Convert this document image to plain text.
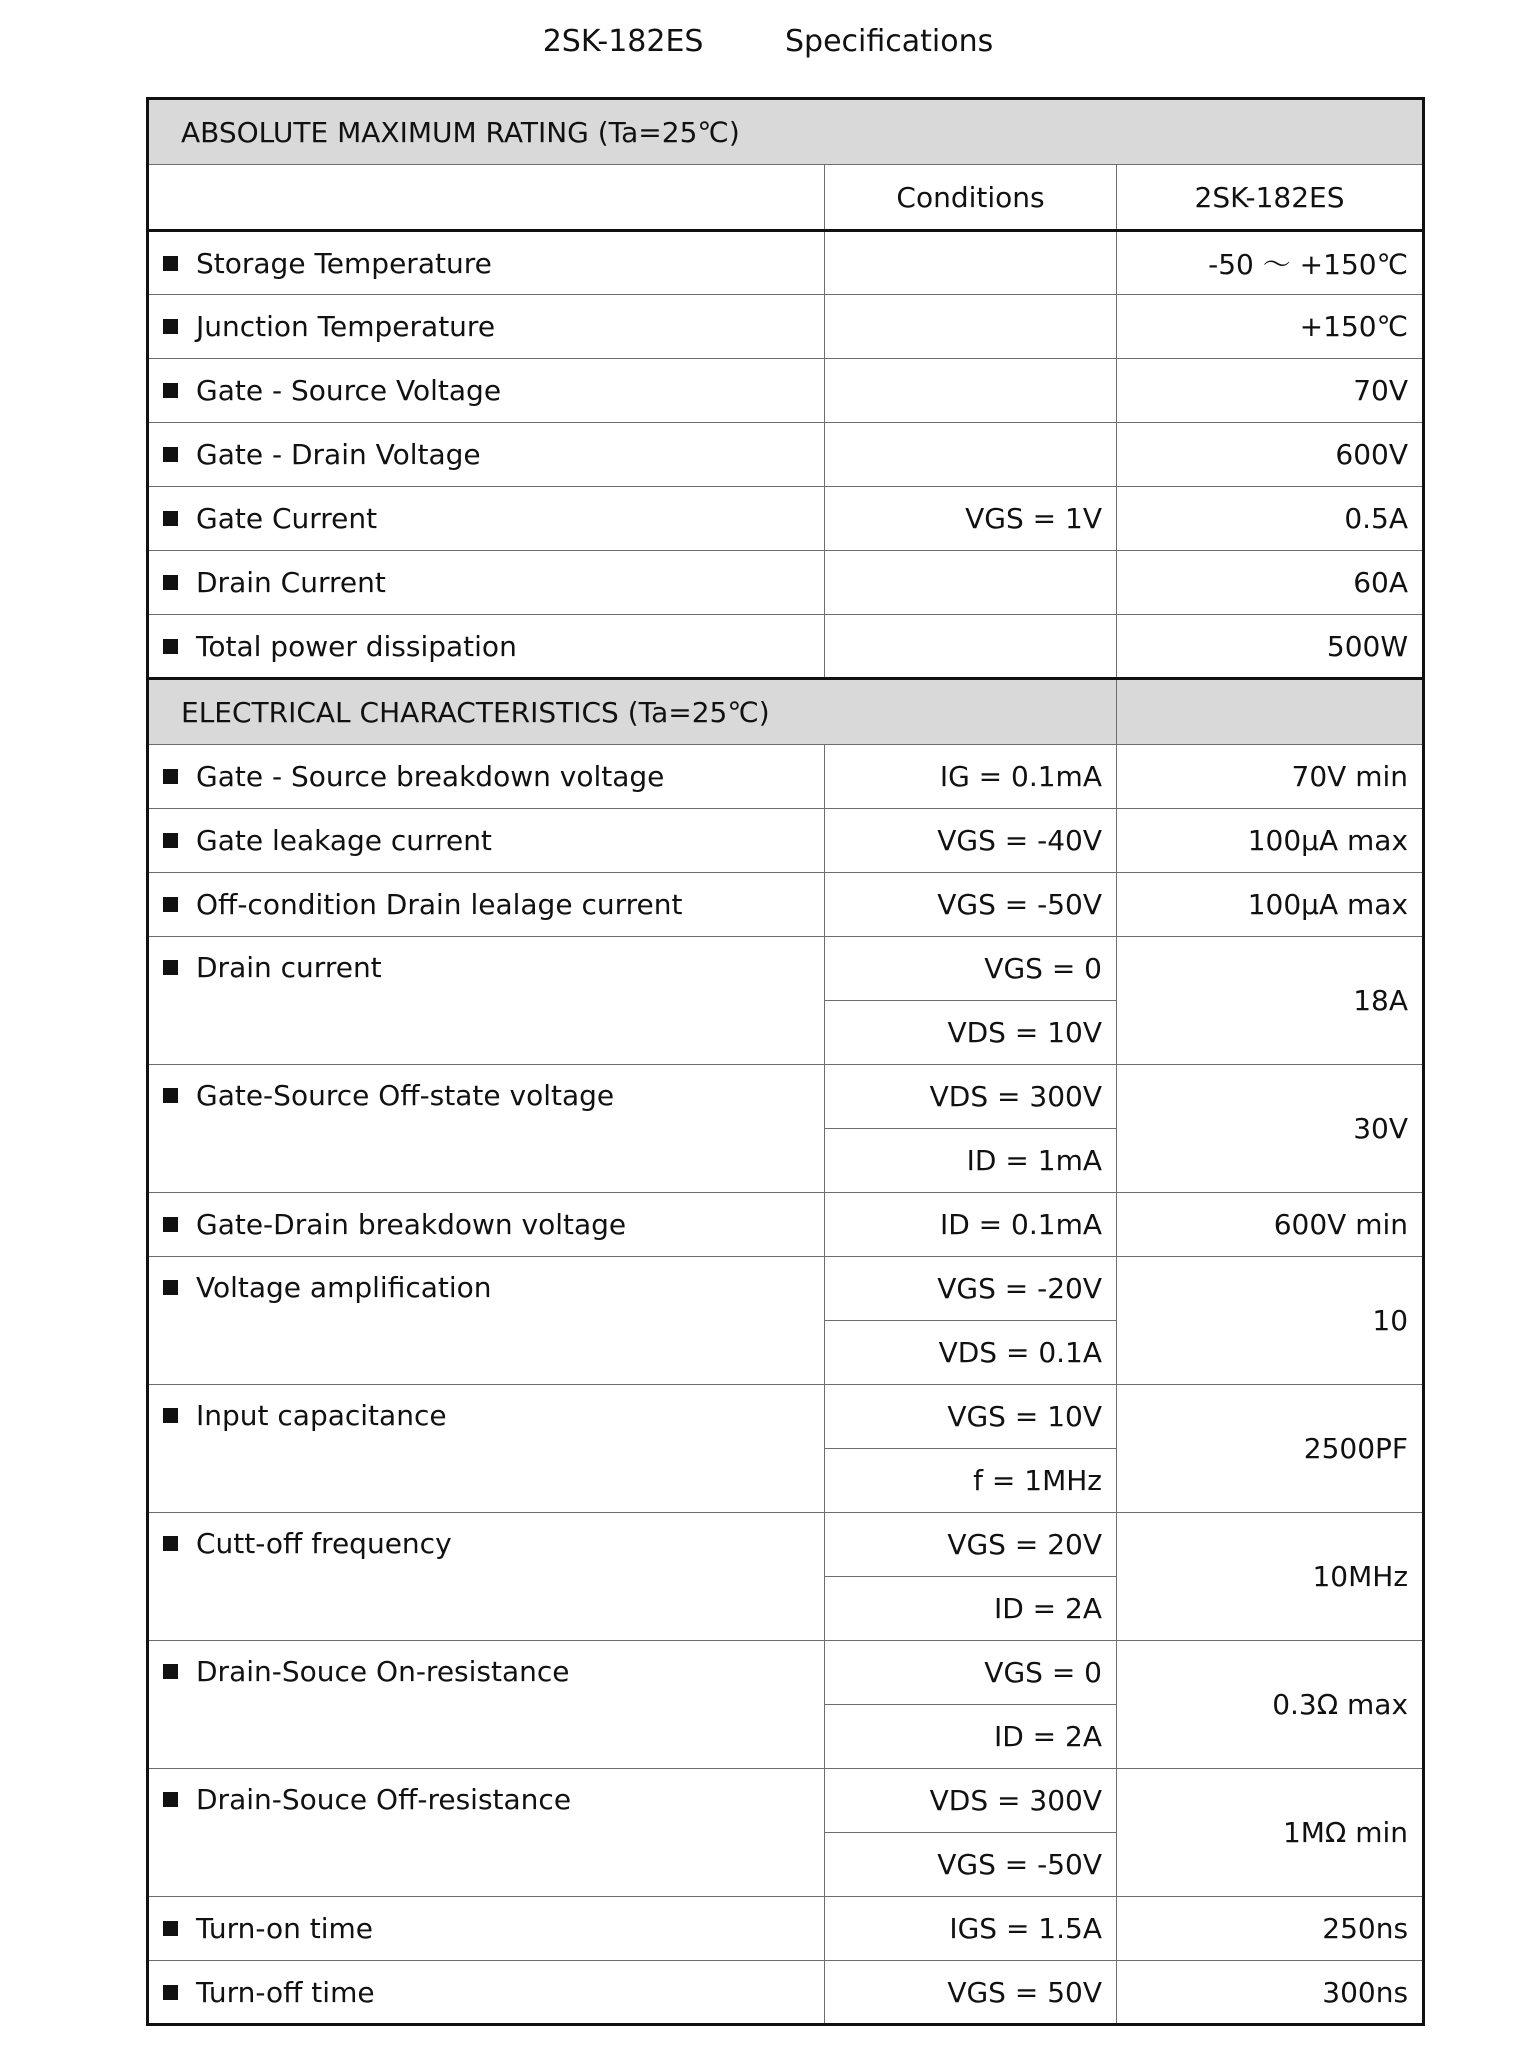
2SK-182ES	Specifications
ABSOLUTE MAXIMUM RATING (Ta=25℃)		
	Conditions	2SK-182ES
Storage Temperature		-50 ～ +150℃
Junction Temperature		+150℃
Gate - Source Voltage		70V
Gate - Drain Voltage		600V
Gate Current	VGS = 1V	0.5A
Drain Current		60A
Total power dissipation		500W
ELECTRICAL CHARACTERISTICS (Ta=25℃)		
Gate - Source breakdown voltage	IG = 0.1mA	70V min
Gate leakage current	VGS = -40V	100μA max
Off-condition Drain lealage current	VGS = -50V	100μA max
Drain current	VGS = 0	18A
	VDS = 10V	
Gate-Source Off-state voltage	VDS = 300V	30V
	ID = 1mA	
Gate-Drain breakdown voltage	ID = 0.1mA	600V min
Voltage amplification	VGS = -20V	10
	VDS = 0.1A	
Input capacitance	VGS = 10V	2500PF
	f = 1MHz	
Cutt-off frequency	VGS = 20V	10MHz
	ID = 2A	
Drain-Souce On-resistance	VGS = 0	0.3Ω max
	ID = 2A	
Drain-Souce Off-resistance	VDS = 300V	1MΩ min
	VGS = -50V	
Turn-on time	IGS = 1.5A	250ns
Turn-off time	VGS = 50V	300ns
